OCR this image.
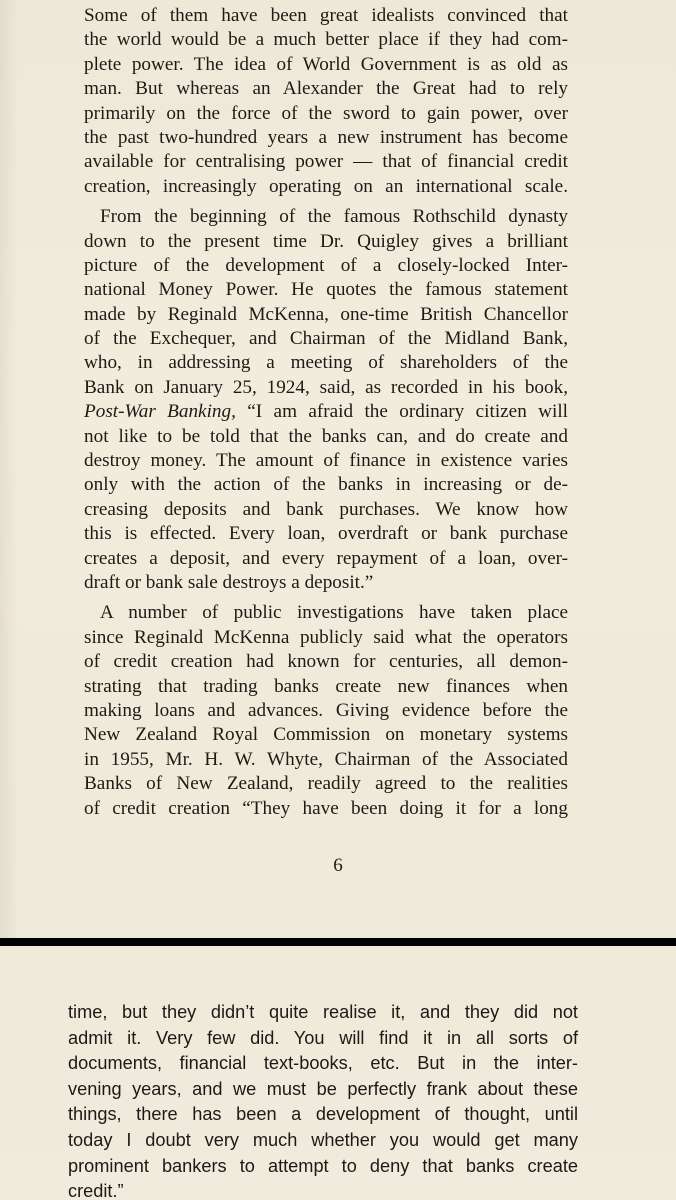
Some of them have been great idealists convinced that
the world would be a much better place if they had com-
plete power. The idea of World Government is as old as
man. But whereas an Alexander the Great had to rely
primarily on the force of the sword to gain power, over
the past two-hundred years a new instrument has become
available for centralising power — that of financial credit
creation, increasingly operating on an international scale.
From the beginning of the famous Rothschild dynasty
down to the present time Dr. Quigley gives a brilliant
picture of the development of a closely-locked Inter-
national Money Power. He quotes the famous statement
made by Reginald McKenna, one-time British Chancellor
of the Exchequer, and Chairman of the Midland Bank,
who, in addressing a meeting of shareholders of the
Bank on January 25, 1924, said, as recorded in his book,
Post-War Banking, “I am afraid the ordinary citizen will
not like to be told that the banks can, and do create and
destroy money. The amount of finance in existence varies
only with the action of the banks in increasing or de-
creasing deposits and bank purchases. We know how
this is effected. Every loan, overdraft or bank purchase
creates a deposit, and every repayment of a loan, over-
draft or bank sale destroys a deposit.”
A number of public investigations have taken place
since Reginald McKenna publicly said what the operators
of credit creation had known for centuries, all demon-
strating that trading banks create new finances when
making loans and advances. Giving evidence before the
New Zealand Royal Commission on monetary systems
in 1955, Mr. H. W. Whyte, Chairman of the Associated
Banks of New Zealand, readily agreed to the realities
of credit creation “They have been doing it for a long
6
time, but they didn’t quite realise it, and they did not
admit it. Very few did. You will find it in all sorts of
documents, financial text-books, etc. But in the inter-
vening years, and we must be perfectly frank about these
things, there has been a development of thought, until
today I doubt very much whether you would get many
prominent bankers to attempt to deny that banks create
credit.”
